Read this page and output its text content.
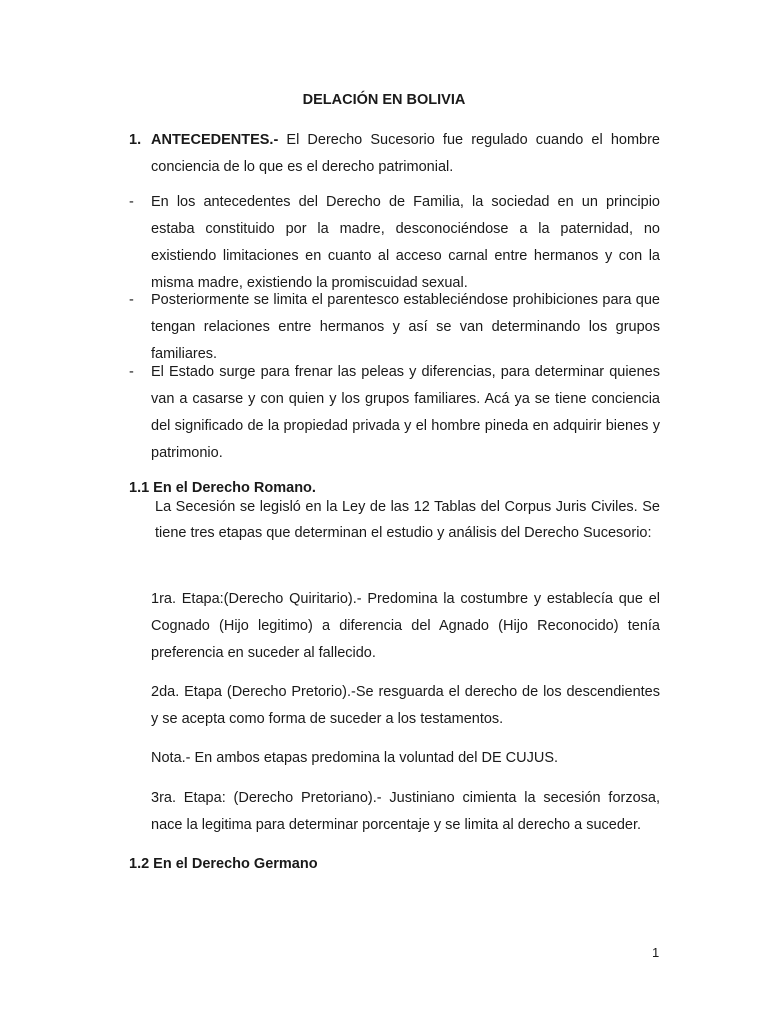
DELACIÓN EN BOLIVIA
1. ANTECEDENTES.- El Derecho Sucesorio fue regulado cuando el hombre conciencia de lo que es el derecho patrimonial.

- En los antecedentes del Derecho de Familia, la sociedad en un principio estaba constituido por la madre, desconociéndose a la paternidad, no existiendo limitaciones en cuanto al acceso carnal entre hermanos y con la misma madre, existiendo la promiscuidad sexual.

- Posteriormente se limita el parentesco estableciéndose prohibiciones para que tengan relaciones entre hermanos y así se van determinando los grupos familiares.

- El Estado surge para frenar las peleas y diferencias, para determinar quienes van a casarse y con quien y los grupos familiares. Acá ya se tiene conciencia del significado de la propiedad privada y el hombre pineda en adquirir bienes y patrimonio.

1.1 En el Derecho Romano.

La Secesión se legisló en la Ley de las 12 Tablas del Corpus Juris Civiles. Se tiene tres etapas que determinan el estudio y análisis del Derecho Sucesorio:

1ra. Etapa:(Derecho Quiritario).- Predomina la costumbre y establecía que el Cognado (Hijo legitimo) a diferencia del Agnado (Hijo Reconocido) tenía preferencia en suceder al fallecido.

2da. Etapa (Derecho Pretorio).-Se resguarda el derecho de los descendientes y se acepta como forma de suceder a los testamentos.

Nota.- En ambos etapas predomina la voluntad del DE CUJUS.

3ra. Etapa: (Derecho Pretoriano).- Justiniano cimienta la secesión forzosa, nace la legitima para determinar porcentaje y se limita al derecho a suceder.

1.2 En el Derecho Germano
1
